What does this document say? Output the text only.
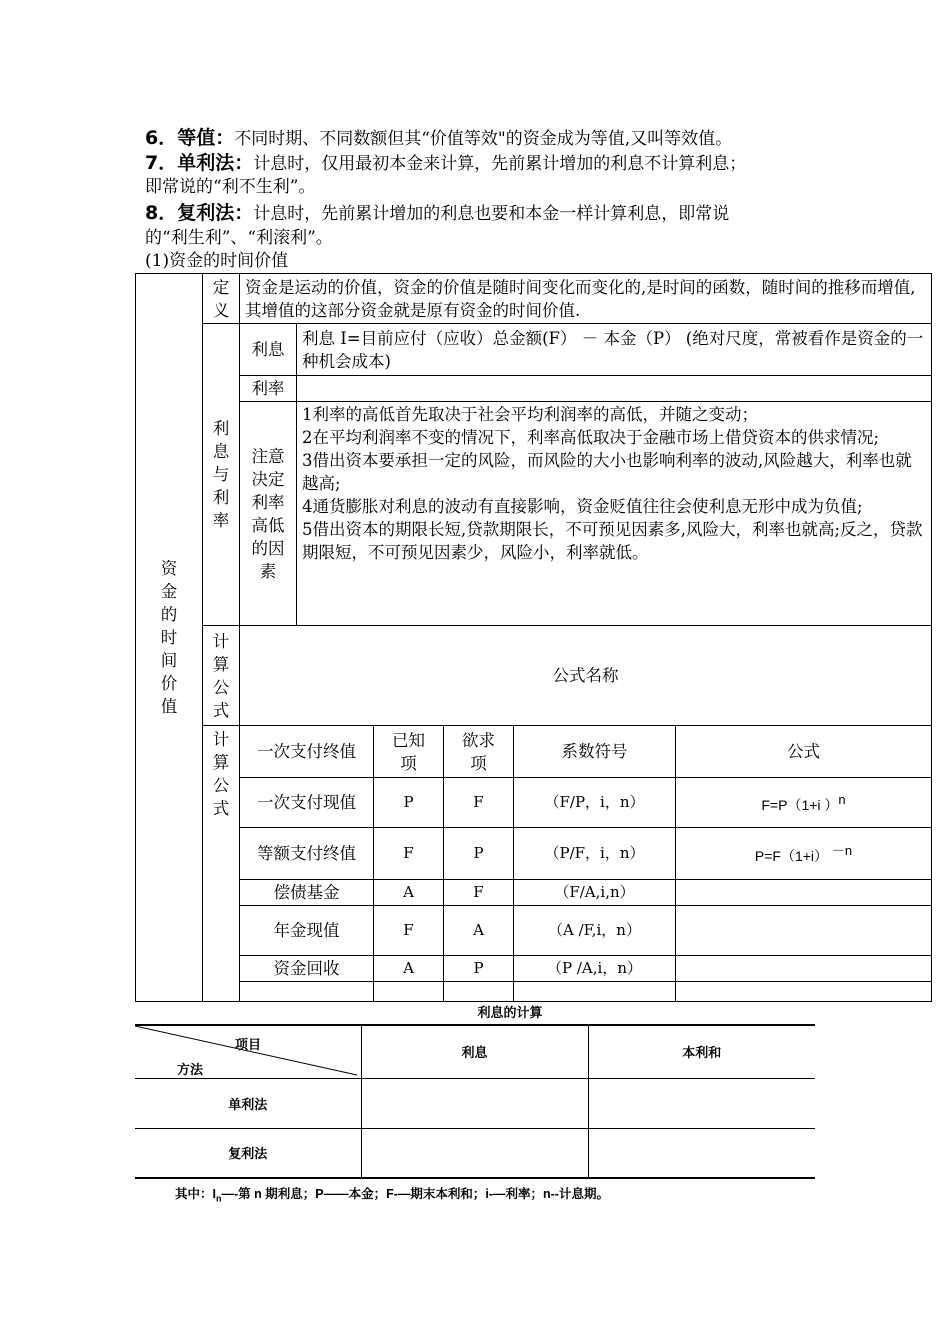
6．等值：不同时期、不同数额但其“价值等效"的资金成为等值,又叫等效值。
7．单利法：计息时，仅用最初本金来计算，先前累计增加的利息不计算利息；
即常说的“利不生利”。
8．复利法：计息时，先前累计增加的利息也要和本金一样计算利息，即常说
的“利生利”、“利滚利”。
(1)资金的时间价值
资金的时间价值	定义	资金是运动的价值，资金的价值是随时间变化而变化的,是时间的函数，随时间的推移而增值,其增值的这部分资金就是原有资金的时间价值.					
	利息与利率	利息	利息 I=目前应付（应收）总金额(F） － 本金（P） (绝对尺度，常被看作是资金的一种机会成本)				
		利率					
		注意决定利率高低的因素	1利率的高低首先取决于社会平均利润率的高低，并随之变动；
2在平均利润率不变的情况下，利率高低取决于金融市场上借贷资本的供求情况;
3借出资本要承担一定的风险，而风险的大小也影响利率的波动,风险越大，利率也就越高;
4通货膨胀对利息的波动有直接影响，资金贬值往往会使利息无形中成为负值;
5借出资本的期限长短,贷款期限长，不可预见因素多,风险大，利率也就高;反之，贷款期限短，不可预见因素少，风险小，利率就低。				

	计算公式	公式名称					
	计算公式	一次支付终值		已知项	欲求项	系数符号	公式
		一次支付现值		P	F	（F/P，i，n）	F=P（1+i ）$^n$
		等额支付终值		F	P	（P/F，i，n）	P=F（1+i） $^{-n}$
		偿债基金		A	F	（F/A,i,n）	
		年金现值		F	A	（A /F,i，n）	
		资金回收		A	P	（P /A,i，n）	

利息的计算
项目
方法	利息	本利和
单利法		
复利法		
其中：$I_n—-$第 n 期利息；P——本金；F-—期末本利和；i-—利率；n--计息期。
